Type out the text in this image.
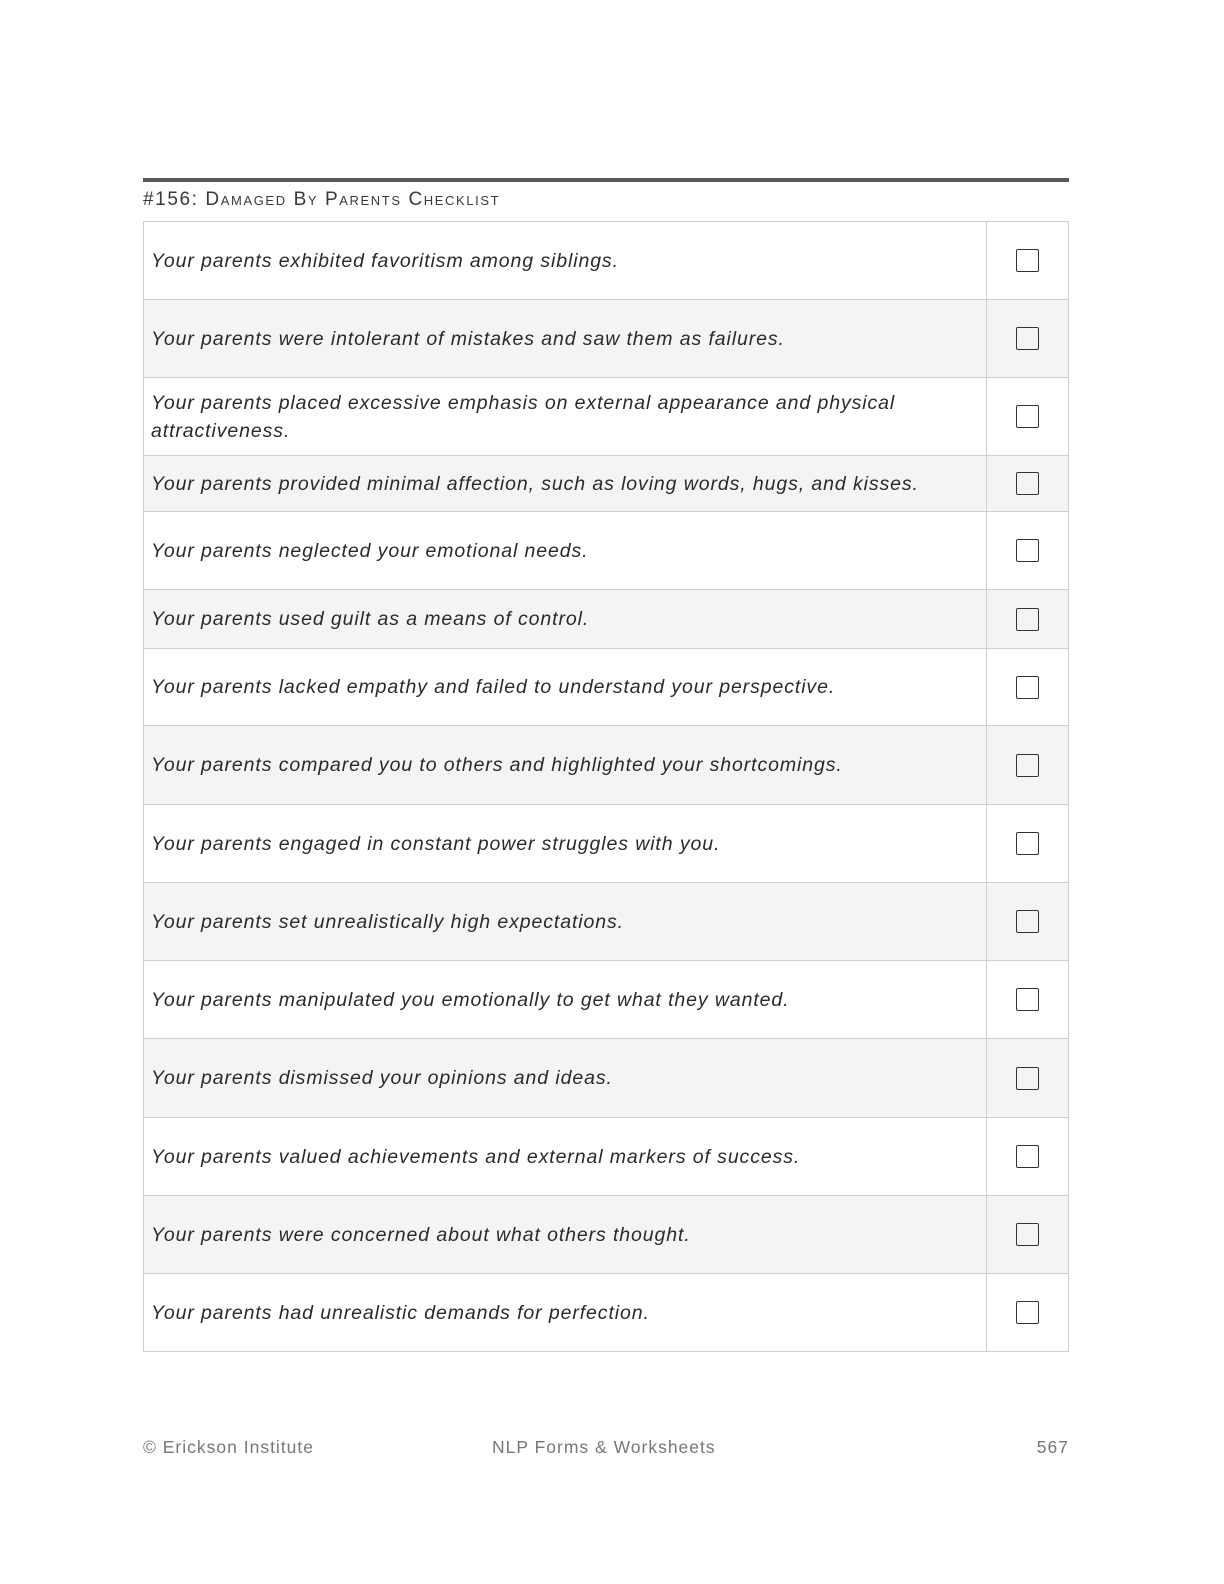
#156: Damaged By Parents Checklist
Your parents exhibited favoritism among siblings.	
Your parents were intolerant of mistakes and saw them as failures.	
Your parents placed excessive emphasis on external appearance and physical attractiveness.	
Your parents provided minimal affection, such as loving words, hugs, and kisses.	
Your parents neglected your emotional needs.	
Your parents used guilt as a means of control.	
Your parents lacked empathy and failed to understand your perspective.	
Your parents compared you to others and highlighted your shortcomings.	
Your parents engaged in constant power struggles with you.	
Your parents set unrealistically high expectations.	
Your parents manipulated you emotionally to get what they wanted.	
Your parents dismissed your opinions and ideas.	
Your parents valued achievements and external markers of success.	
Your parents were concerned about what others thought.	
Your parents had unrealistic demands for perfection.	
© Erickson Institute	NLP Forms & Worksheets	567
